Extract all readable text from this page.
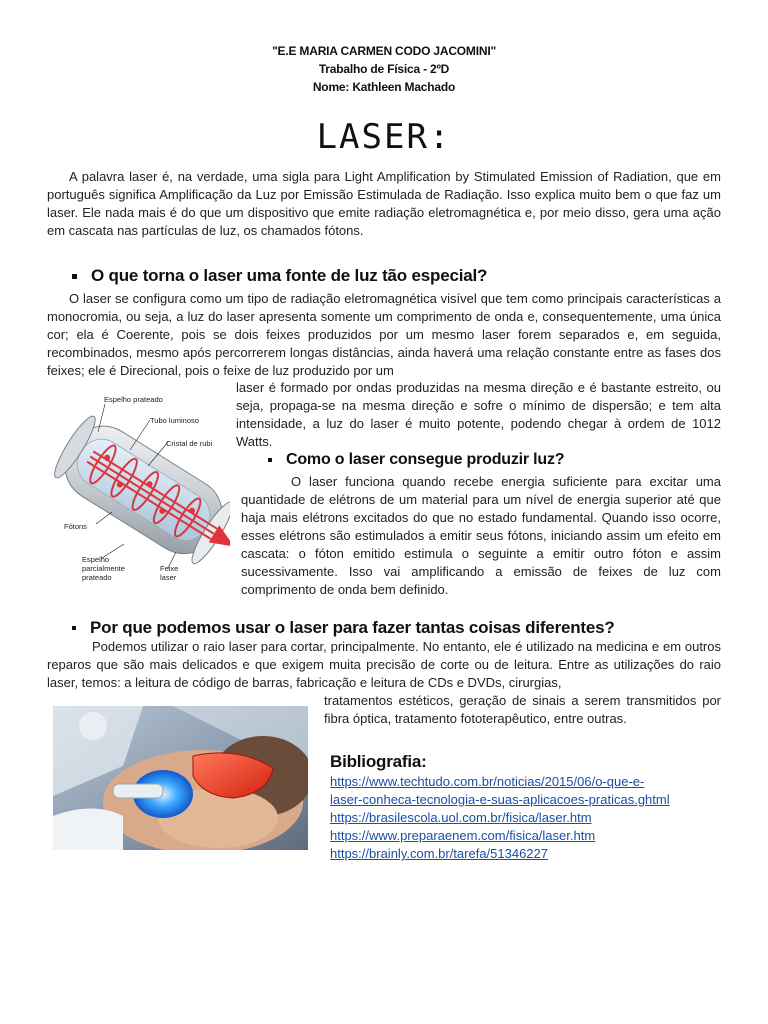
"E.E MARIA CARMEN CODO JACOMINI"
Trabalho de Física - 2ºD
Nome: Kathleen Machado
LASER:

A palavra laser é, na verdade, uma sigla para Light Amplification by Stimulated Emission of Radiation, que em português significa Amplificação da Luz por Emissão Estimulada de Radiação. Isso explica muito bem o que faz um laser. Ele nada mais é do que um dispositivo que emite radiação eletromagnética e, por meio disso, gera uma ação em cascata nas partículas de luz, os chamados fótons.

O que torna o laser uma fonte de luz tão especial?

O laser se configura como um tipo de radiação eletromagnética visível que tem como principais características a monocromia, ou seja, a luz do laser apresenta somente um comprimento de onda e, consequentemente, uma única cor; ela é Coerente, pois se dois feixes produzidos por um mesmo laser forem separados e, em seguida, recombinados, mesmo após percorrerem longas distâncias, ainda haverá uma relação constante entre as fases dos feixes; ele é Direcional, pois o feixe de luz produzido por um

laser é formado por ondas produzidas na mesma direção e é bastante estreito, ou seja, propaga-se na mesma direção e sofre o mínimo de dispersão; e tem alta intensidade, a luz do laser é muito potente, podendo chegar à ordem de 1012 Watts.

Espelho prateado
Tubo luminoso
Cristal de rubi
Fótons
Espelho
parcialmente
prateado
Feixe
laser
Como o laser consegue produzir luz?

O laser funciona quando recebe energia suficiente para excitar uma quantidade de elétrons de um material para um nível de energia superior até que haja mais elétrons excitados do que no estado fundamental. Quando isso ocorre, esses elétrons são estimulados a emitir seus fótons, iniciando assim um efeito em cascata: o fóton emitido estimula o seguinte a emitir outro fóton e assim sucessivamente. Isso vai amplificando a emissão de feixes de luz com comprimento de onda bem definido.

Por que podemos usar o laser para fazer tantas coisas diferentes?

Podemos utilizar o raio laser para cortar, principalmente. No entanto, ele é utilizado na medicina e em outros reparos que são mais delicados e que exigem muita precisão de corte ou de leitura. Entre as utilizações do raio laser, temos: a leitura de código de barras, fabricação e leitura de CDs e DVDs, cirurgias,

tratamentos estéticos, geração de sinais a serem transmitidos por fibra óptica, tratamento fototerapêutico, entre outras.

Bibliografia:
https://www.techtudo.com.br/noticias/2015/06/o-que-e-
laser-conheca-tecnologia-e-suas-aplicacoes-praticas.ghtml
https://brasilescola.uol.com.br/fisica/laser.htm
https://www.preparaenem.com/fisica/laser.htm
https://brainly.com.br/tarefa/51346227
